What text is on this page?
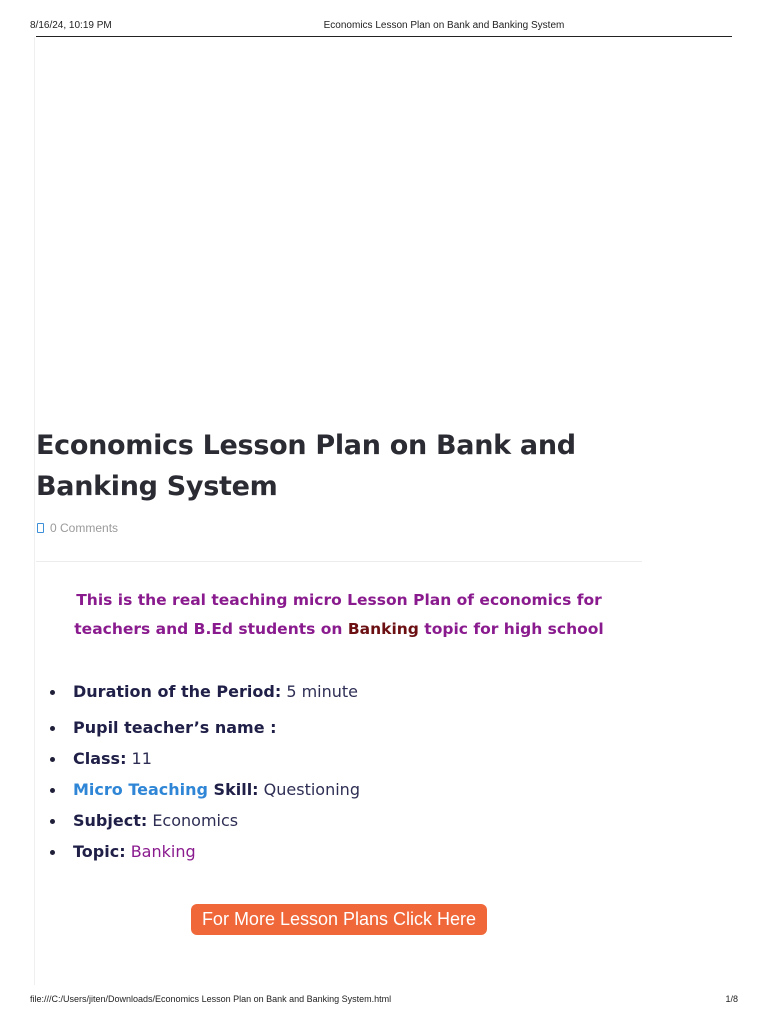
8/16/24, 10:19 PM	Economics Lesson Plan on Bank and Banking System
Economics Lesson Plan on Bank and Banking System
0 Comments

This is the real teaching micro Lesson Plan of economics for teachers and B.Ed students on Banking topic for high school

Duration of the Period: 5 minute
Pupil teacher’s name :
Class: 11
Micro Teaching Skill: Questioning
Subject: Economics
Topic: Banking
For More Lesson Plans Click Here
file:///C:/Users/jiten/Downloads/Economics Lesson Plan on Bank and Banking System.html	1/8
